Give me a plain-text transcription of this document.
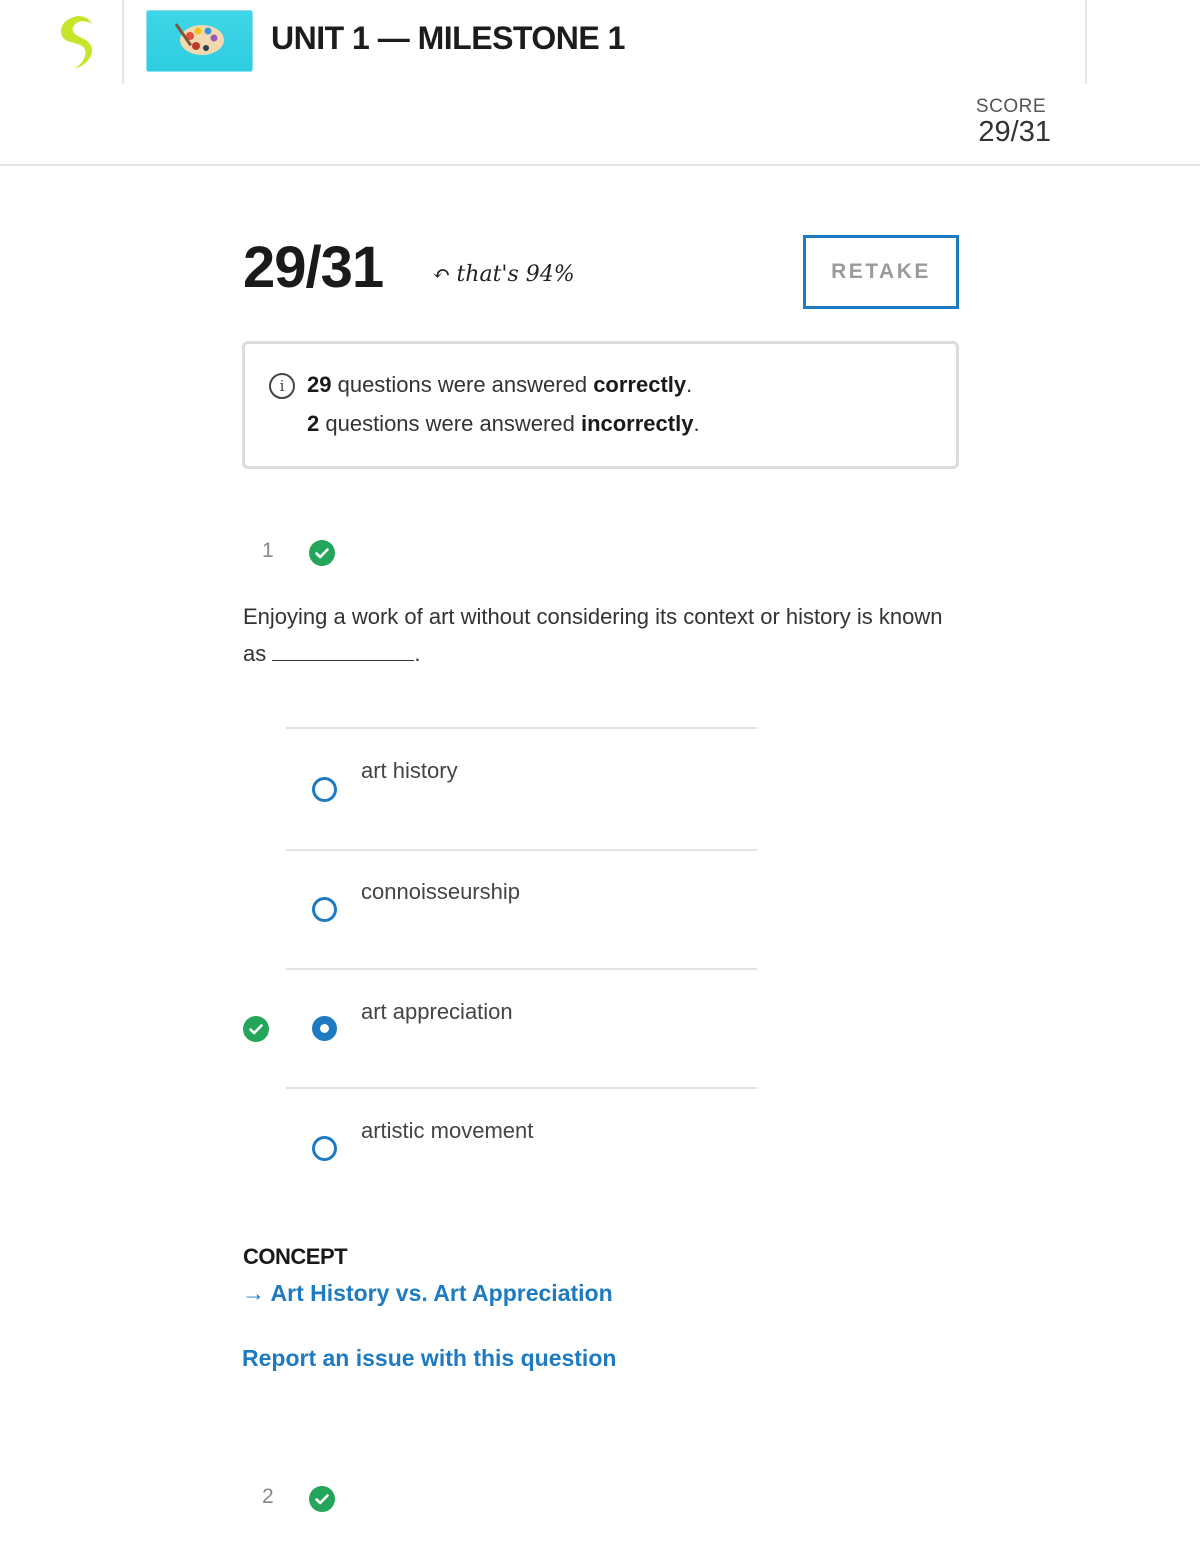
UNIT 1 — MILESTONE 1
SCORE
29/31
29/31 ↶ that's 94%	RETAKE
i	29 questions were answered correctly.
2 questions were answered incorrectly.
1
Enjoying a work of art without considering its context or history is known as	.
art history
connoisseurship
art appreciation
artistic movement
CONCEPT
→ Art History vs. Art Appreciation
Report an issue with this question
2
